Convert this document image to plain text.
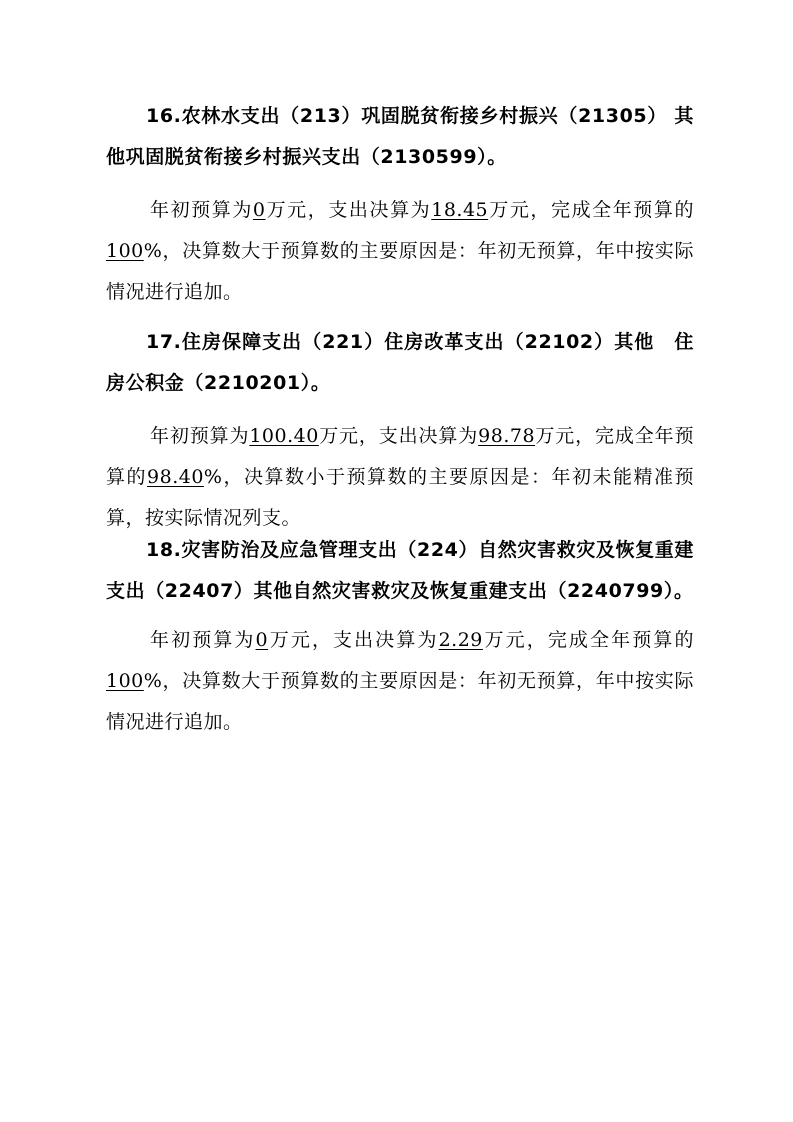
16.农林水支出（213）巩固脱贫衔接乡村振兴（21305） 其他巩固脱贫衔接乡村振兴支出（2130599）。

年初预算为0万元，支出决算为18.45万元，完成全年预算的100%，决算数大于预算数的主要原因是：年初无预算，年中按实际情况进行追加。

17.住房保障支出（221）住房改革支出（22102）其他　住房公积金（2210201）。

年初预算为100.40万元，支出决算为98.78万元，完成全年预算的98.40%，决算数小于预算数的主要原因是：年初未能精准预算，按实际情况列支。

18.灾害防治及应急管理支出（224）自然灾害救灾及恢复重建支出（22407）其他自然灾害救灾及恢复重建支出（2240799）。

年初预算为0万元，支出决算为2.29万元，完成全年预算的100%，决算数大于预算数的主要原因是：年初无预算，年中按实际情况进行追加。
